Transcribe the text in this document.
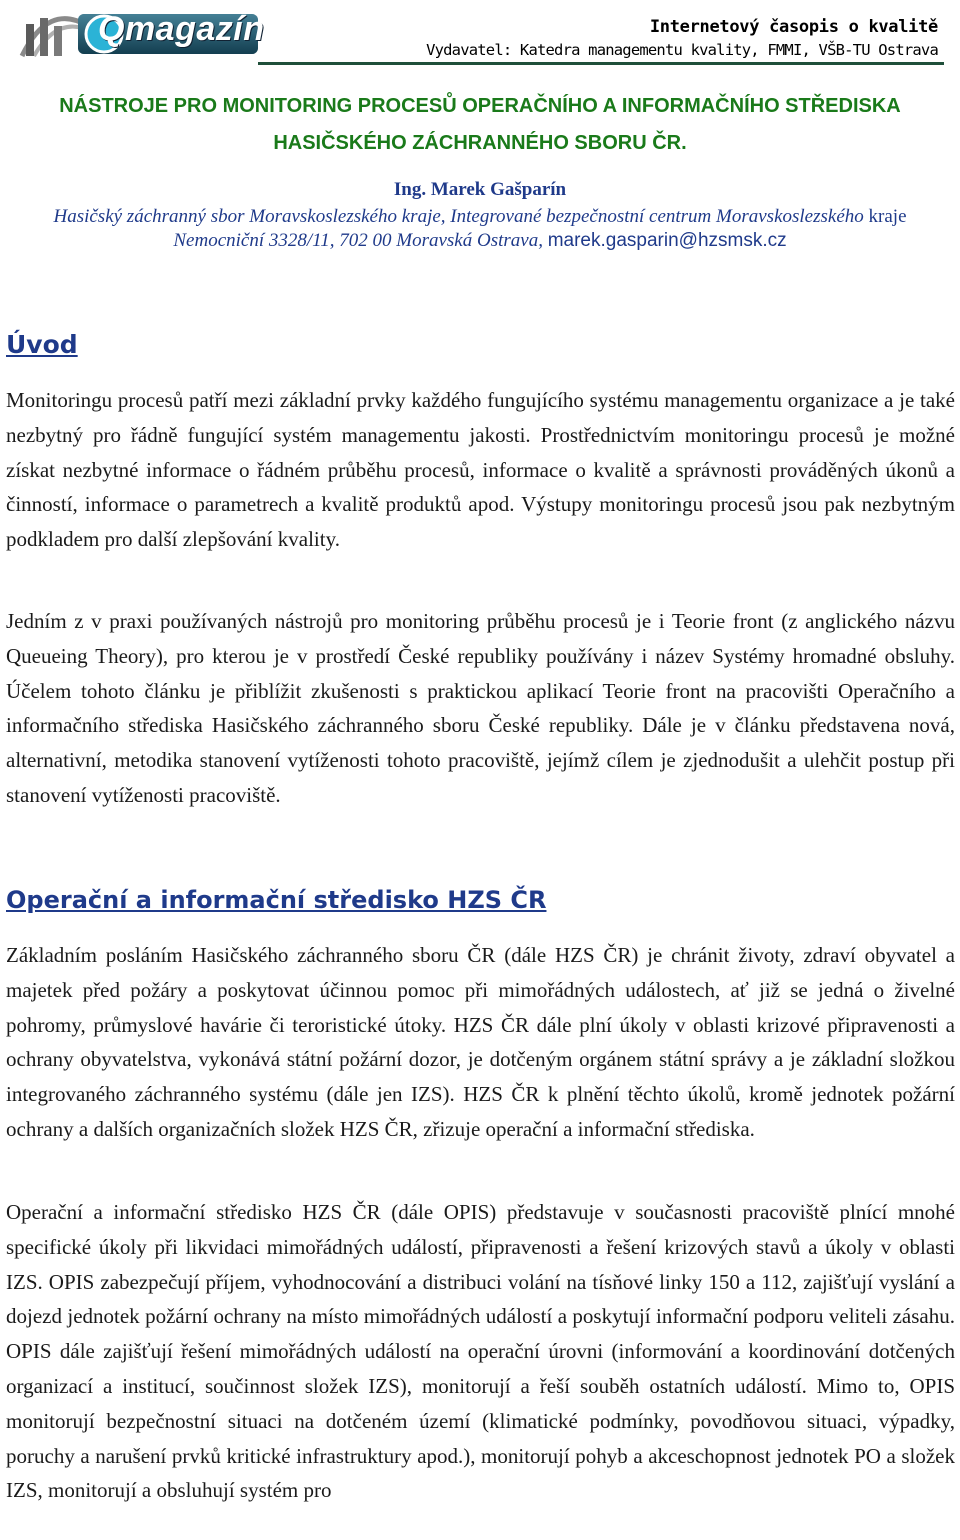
Qmagazín	Internetový časopis o kvalitě
Vydavatel: Katedra managementu kvality, FMMI, VŠB-TU Ostrava
NÁSTROJE PRO MONITORING PROCESŮ OPERAČNÍHO A INFORMAČNÍHO STŘEDISKA
HASIČSKÉHO ZÁCHRANNÉHO SBORU ČR.
Ing. Marek Gašparín
Hasičský záchranný sbor Moravskoslezského kraje, Integrované bezpečnostní centrum Moravskoslezského kraje
Nemocniční 3328/11, 702 00 Moravská Ostrava, marek.gasparin@hzsmsk.cz
Úvod
Monitoringu procesů patří mezi základní prvky každého fungujícího systému managementu organizace a je také nezbytný pro řádně fungující systém managementu jakosti. Prostřednictvím monitoringu procesů je možné získat nezbytné informace o řádném průběhu procesů, informace o kvalitě a správnosti prováděných úkonů a činností, informace o parametrech a kvalitě produktů apod. Výstupy monitoringu procesů jsou pak nezbytným podkladem pro další zlepšování kvality.
Jedním z v praxi používaných nástrojů pro monitoring průběhu procesů je i Teorie front (z anglického názvu Queueing Theory), pro kterou je v prostředí České republiky používány i název Systémy hromadné obsluhy. Účelem tohoto článku je přiblížit zkušenosti s praktickou aplikací Teorie front na pracovišti Operačního a informačního střediska Hasičského záchranného sboru České republiky. Dále je v článku představena nová, alternativní, metodika stanovení vytíženosti tohoto pracoviště, jejímž cílem je zjednodušit a ulehčit postup při stanovení vytíženosti pracoviště.
Operační a informační středisko HZS ČR
Základním posláním Hasičského záchranného sboru ČR (dále HZS ČR) je chránit životy, zdraví obyvatel a majetek před požáry a poskytovat účinnou pomoc při mimořádných událostech, ať již se jedná o živelné pohromy, průmyslové havárie či teroristické útoky. HZS ČR dále plní úkoly v oblasti krizové připravenosti a ochrany obyvatelstva, vykonává státní požární dozor, je dotčeným orgánem státní správy a je základní složkou integrovaného záchranného systému (dále jen IZS). HZS ČR k plnění těchto úkolů, kromě jednotek požární ochrany a dalších organizačních složek HZS ČR, zřizuje operační a informační střediska.
Operační a informační středisko HZS ČR (dále OPIS) představuje v současnosti pracoviště plnící mnohé specifické úkoly při likvidaci mimořádných událostí, připravenosti a řešení krizových stavů a úkoly v oblasti IZS. OPIS zabezpečují příjem, vyhodnocování a distribuci volání na tísňové linky 150 a 112, zajišťují vyslání a dojezd jednotek požární ochrany na místo mimořádných událostí a poskytují informační podporu veliteli zásahu. OPIS dále zajišťují řešení mimořádných událostí na operační úrovni (informování a koordinování dotčených organizací a institucí, součinnost složek IZS), monitorují a řeší souběh ostatních událostí. Mimo to, OPIS monitorují bezpečnostní situaci na dotčeném území (klimatické podmínky, povodňovou situaci, výpadky, poruchy a narušení prvků kritické infrastruktury apod.), monitorují pohyb a akceschopnost jednotek PO a složek IZS, monitorují a obsluhují systém pro
